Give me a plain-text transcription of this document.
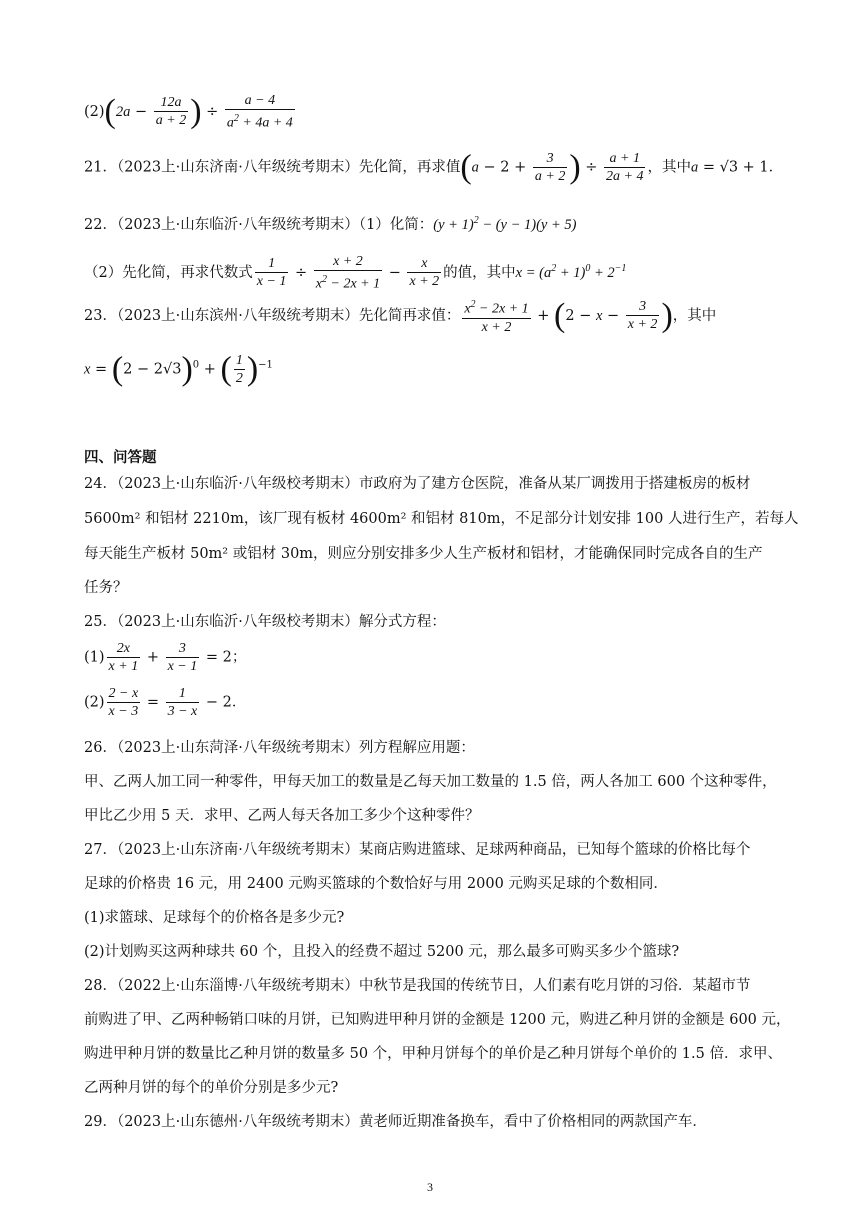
$(2)(2a - \frac{12a}{a + 2}$ ) ÷ $\frac{a - 4}{a^2 + 4a + 4}$
21．（2023上·山东济南·八年级统考期末）先化简，再求值($a - 2 + \frac{3}{a + 2}$ ) ÷ $\frac{a + 1}{2a + 4}$ ，其中a = √3 + 1．
22．（2023上·山东临沂·八年级统考期末）（1）化简：$(y + 1)^2 - (y - 1)(y + 5)$
（2）先化简，再求代数式 $\frac{1}{x - 1} \div \frac{x + 2}{x^2 - 2x + 1} - \frac{x}{x + 2}$ 的值，其中$x = (a^2 + 1)^0 + 2^{-1}$
23．（2023上·山东滨州·八年级统考期末）先化简再求值： $\frac{x^2 - 2x + 1}{x + 2} + (2 - x - \frac{3}{x + 2}$ )，其中
$x = (2 - 2√3)^0$ + ( $\frac{1}{2} )^{-1}$
四、问答题
24．（2023上·山东临沂·八年级校考期末）市政府为了建方仓医院，准备从某厂调拨用于搭建板房的板材
5600m² 和铝材 2210m，该厂现有板材 4600m² 和铝材 810m，不足部分计划安排 100 人进行生产，若每人
每天能生产板材 50m² 或铝材 30m，则应分别安排多少人生产板材和铝材，才能确保同时完成各自的生产
任务？
25．（2023上·山东临沂·八年级校考期末）解分式方程：
$(1) \frac{2x}{x + 1} + \frac{3}{x - 1} = 2$；
$(2) \frac{2 - x}{x - 3} = \frac{1}{3 - x} - 2$．
26．（2023上·山东菏泽·八年级统考期末）列方程解应用题：
甲、乙两人加工同一种零件，甲每天加工的数量是乙每天加工数量的 1.5 倍，两人各加工 600 个这种零件，
甲比乙少用 5 天．求甲、乙两人每天各加工多少个这种零件？
27．（2023上·山东济南·八年级统考期末）某商店购进篮球、足球两种商品，已知每个篮球的价格比每个
足球的价格贵 16 元，用 2400 元购买篮球的个数恰好与用 2000 元购买足球的个数相同．
(1)求篮球、足球每个的价格各是多少元?
(2)计划购买这两种球共 60 个，且投入的经费不超过 5200 元，那么最多可购买多少个篮球?
28．（2022上·山东淄博·八年级统考期末）中秋节是我国的传统节日，人们素有吃月饼的习俗．某超市节
前购进了甲、乙两种畅销口味的月饼，已知购进甲种月饼的金额是 1200 元，购进乙种月饼的金额是 600 元，
购进甲种月饼的数量比乙种月饼的数量多 50 个，甲种月饼每个的单价是乙种月饼每个单价的 1.5 倍．求甲、
乙两种月饼的每个的单价分别是多少元?
29．（2023上·山东德州·八年级统考期末）黄老师近期准备换车，看中了价格相同的两款国产车．
3
